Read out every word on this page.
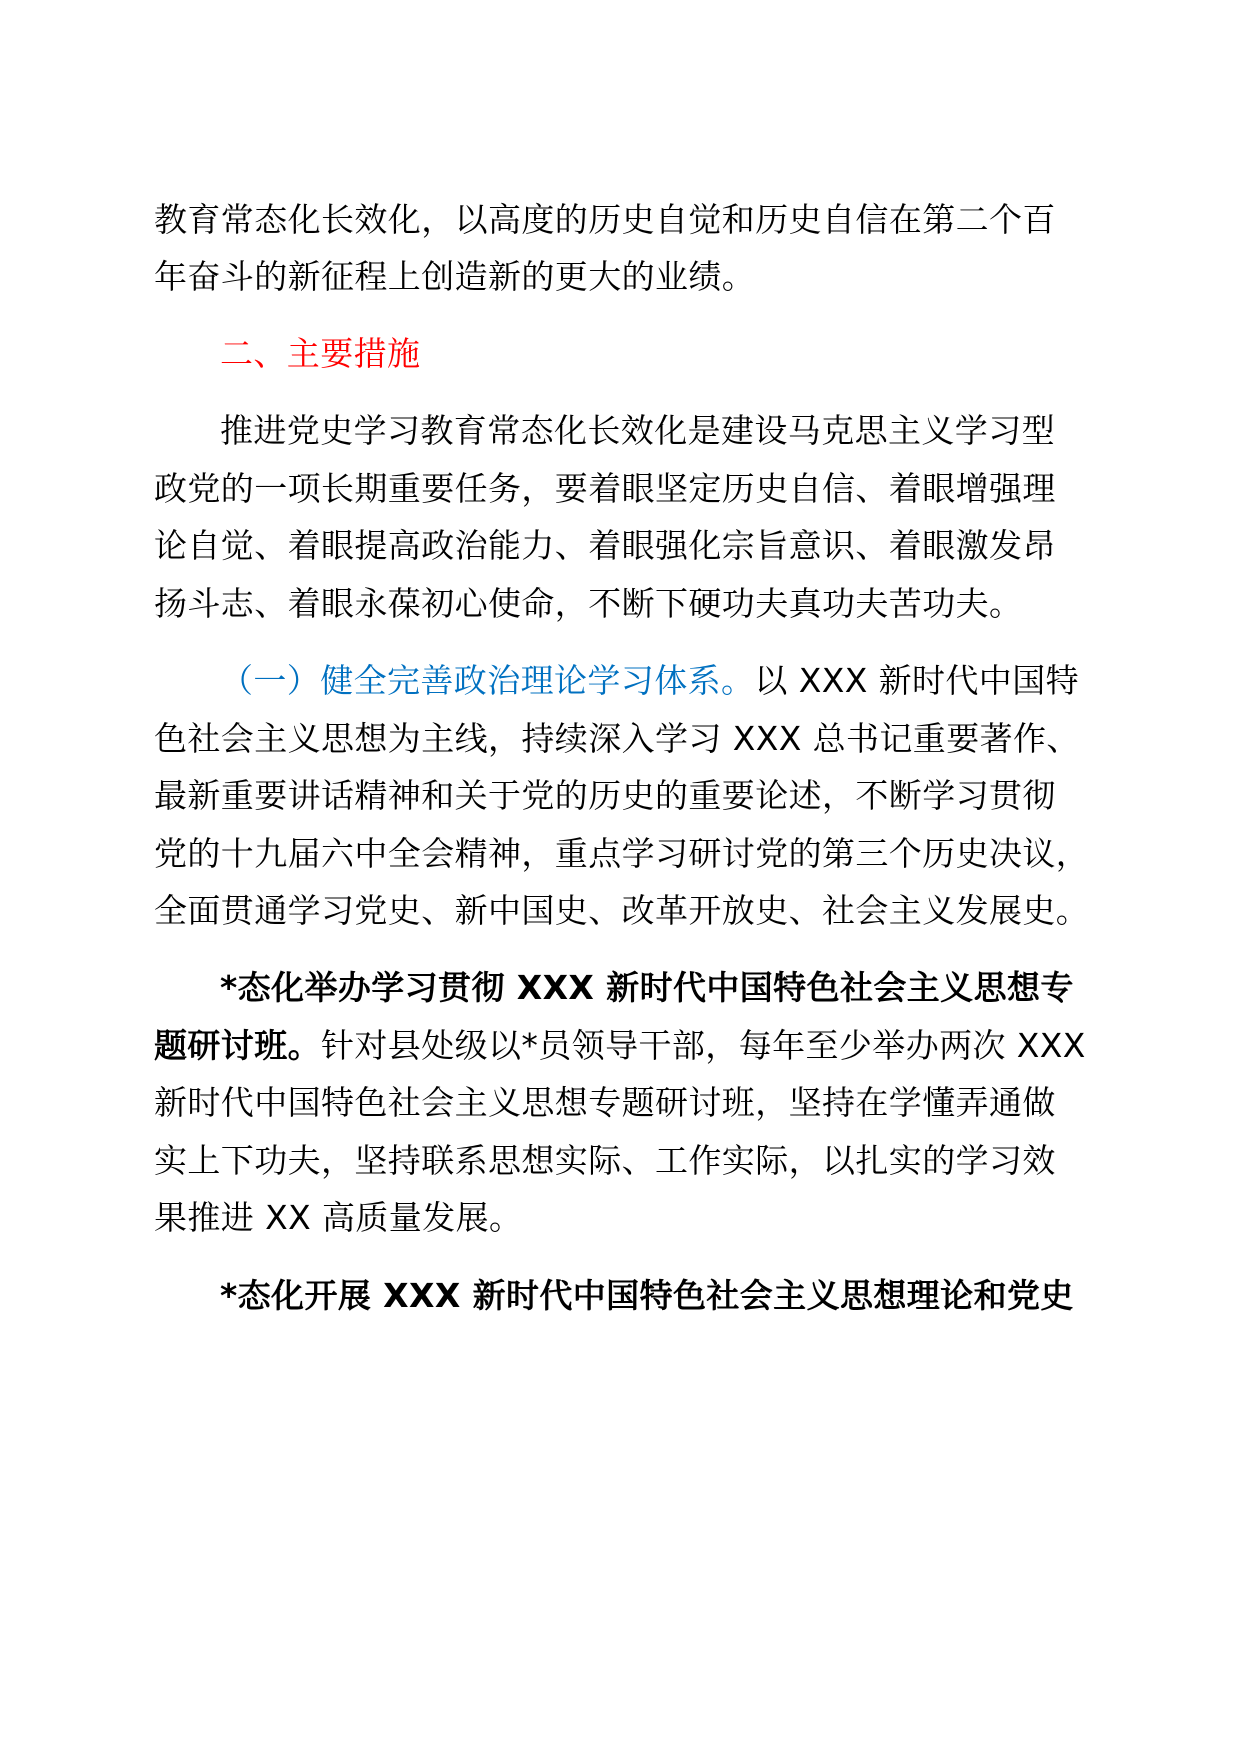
教育常态化长效化，以高度的历史自觉和历史自信在第二个百
年奋斗的新征程上创造新的更大的业绩。
二、主要措施
推进党史学习教育常态化长效化是建设马克思主义学习型
政党的一项长期重要任务，要着眼坚定历史自信、着眼增强理
论自觉、着眼提高政治能力、着眼强化宗旨意识、着眼激发昂
扬斗志、着眼永葆初心使命，不断下硬功夫真功夫苦功夫。
（一）健全完善政治理论学习体系。以 XXX 新时代中国特
色社会主义思想为主线，持续深入学习 XXX 总书记重要著作、
最新重要讲话精神和关于党的历史的重要论述，不断学习贯彻
党的十九届六中全会精神，重点学习研讨党的第三个历史决议，
全面贯通学习党史、新中国史、改革开放史、社会主义发展史。
*态化举办学习贯彻 XXX 新时代中国特色社会主义思想专
题研讨班。针对县处级以*员领导干部，每年至少举办两次 XXX
新时代中国特色社会主义思想专题研讨班，坚持在学懂弄通做
实上下功夫，坚持联系思想实际、工作实际，以扎实的学习效
果推进 XX 高质量发展。
*态化开展 XXX 新时代中国特色社会主义思想理论和党史
